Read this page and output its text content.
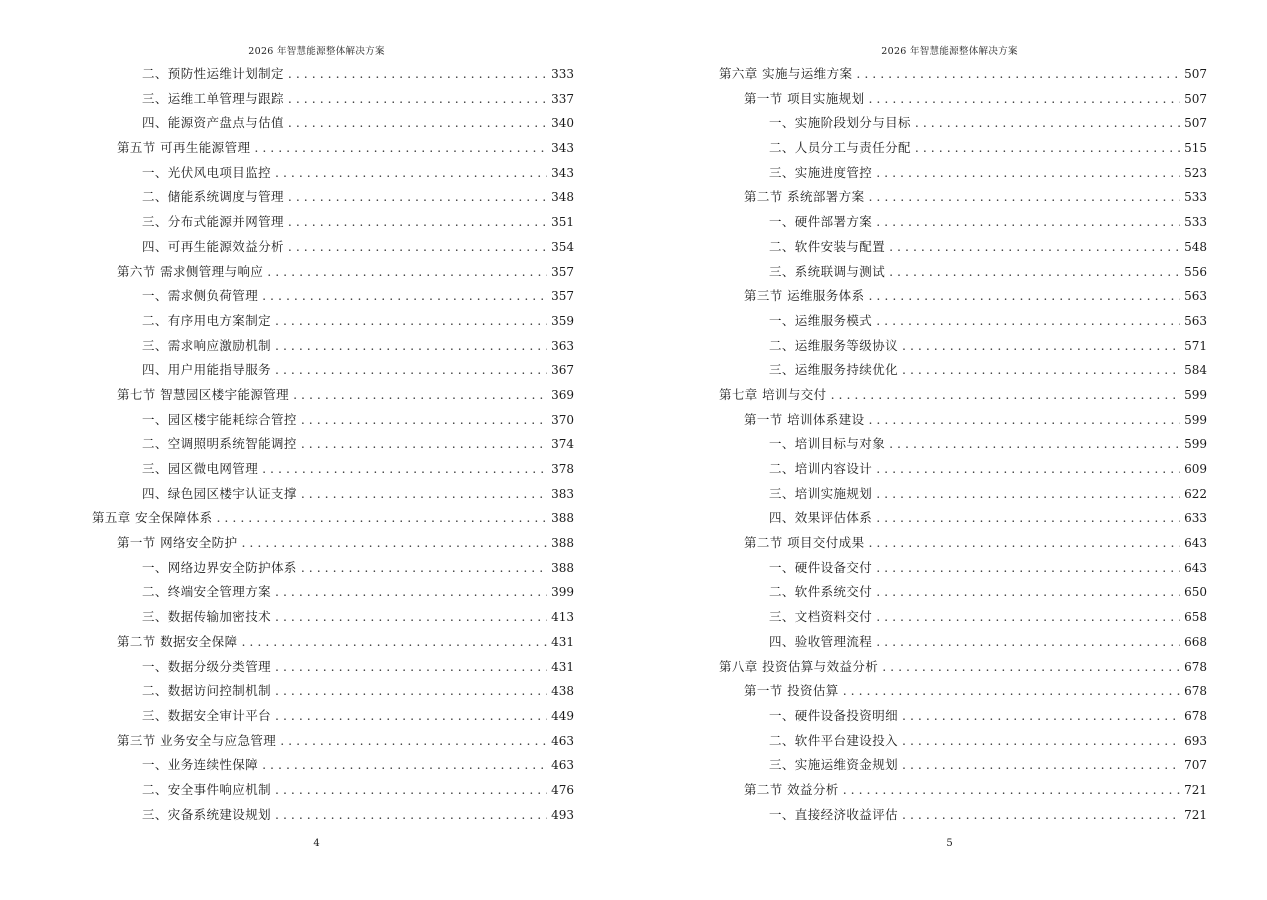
2026 年智慧能源整体解决方案
二、预防性运维计划制定 . . .	333
三、运维工单管理与跟踪 . . .	337
四、能源资产盘点与估值 . . .	340
第五节 可再生能源管理 . . .	343
一、光伏风电项目监控 . . .	343
二、储能系统调度与管理 . . .	348
三、分布式能源并网管理 . . .	351
四、可再生能源效益分析 . . .	354
第六节 需求侧管理与响应 . . .	357
一、需求侧负荷管理 . . .	357
二、有序用电方案制定 . . .	359
三、需求响应激励机制 . . .	363
四、用户用能指导服务 . . .	367
第七节 智慧园区楼宇能源管理 . . .	369
一、园区楼宇能耗综合管控 . . .	370
二、空调照明系统智能调控 . . .	374
三、园区微电网管理 . . .	378
四、绿色园区楼宇认证支撑 . . .	383
第五章 安全保障体系 . . .	388
第一节 网络安全防护 . . .	388
一、网络边界安全防护体系 . . .	388
二、终端安全管理方案 . . .	399
三、数据传输加密技术 . . .	413
第二节 数据安全保障 . . .	431
一、数据分级分类管理 . . .	431
二、数据访问控制机制 . . .	438
三、数据安全审计平台 . . .	449
第三节 业务安全与应急管理 . . .	463
一、业务连续性保障 . . .	463
二、安全事件响应机制 . . .	476
三、灾备系统建设规划 . . .	493
4
2026 年智慧能源整体解决方案
第六章 实施与运维方案 . . .	507
第一节 项目实施规划 . . .	507
一、实施阶段划分与目标 . . .	507
二、人员分工与责任分配 . . .	515
三、实施进度管控 . . .	523
第二节 系统部署方案 . . .	533
一、硬件部署方案 . . .	533
二、软件安装与配置 . . .	548
三、系统联调与测试 . . .	556
第三节 运维服务体系 . . .	563
一、运维服务模式 . . .	563
二、运维服务等级协议 . . .	571
三、运维服务持续优化 . . .	584
第七章 培训与交付 . . .	599
第一节 培训体系建设 . . .	599
一、培训目标与对象 . . .	599
二、培训内容设计 . . .	609
三、培训实施规划 . . .	622
四、效果评估体系 . . .	633
第二节 项目交付成果 . . .	643
一、硬件设备交付 . . .	643
二、软件系统交付 . . .	650
三、文档资料交付 . . .	658
四、验收管理流程 . . .	668
第八章 投资估算与效益分析 . . .	678
第一节 投资估算 . . .	678
一、硬件设备投资明细 . . .	678
二、软件平台建设投入 . . .	693
三、实施运维资金规划 . . .	707
第二节 效益分析 . . .	721
一、直接经济收益评估 . . .	721
5
